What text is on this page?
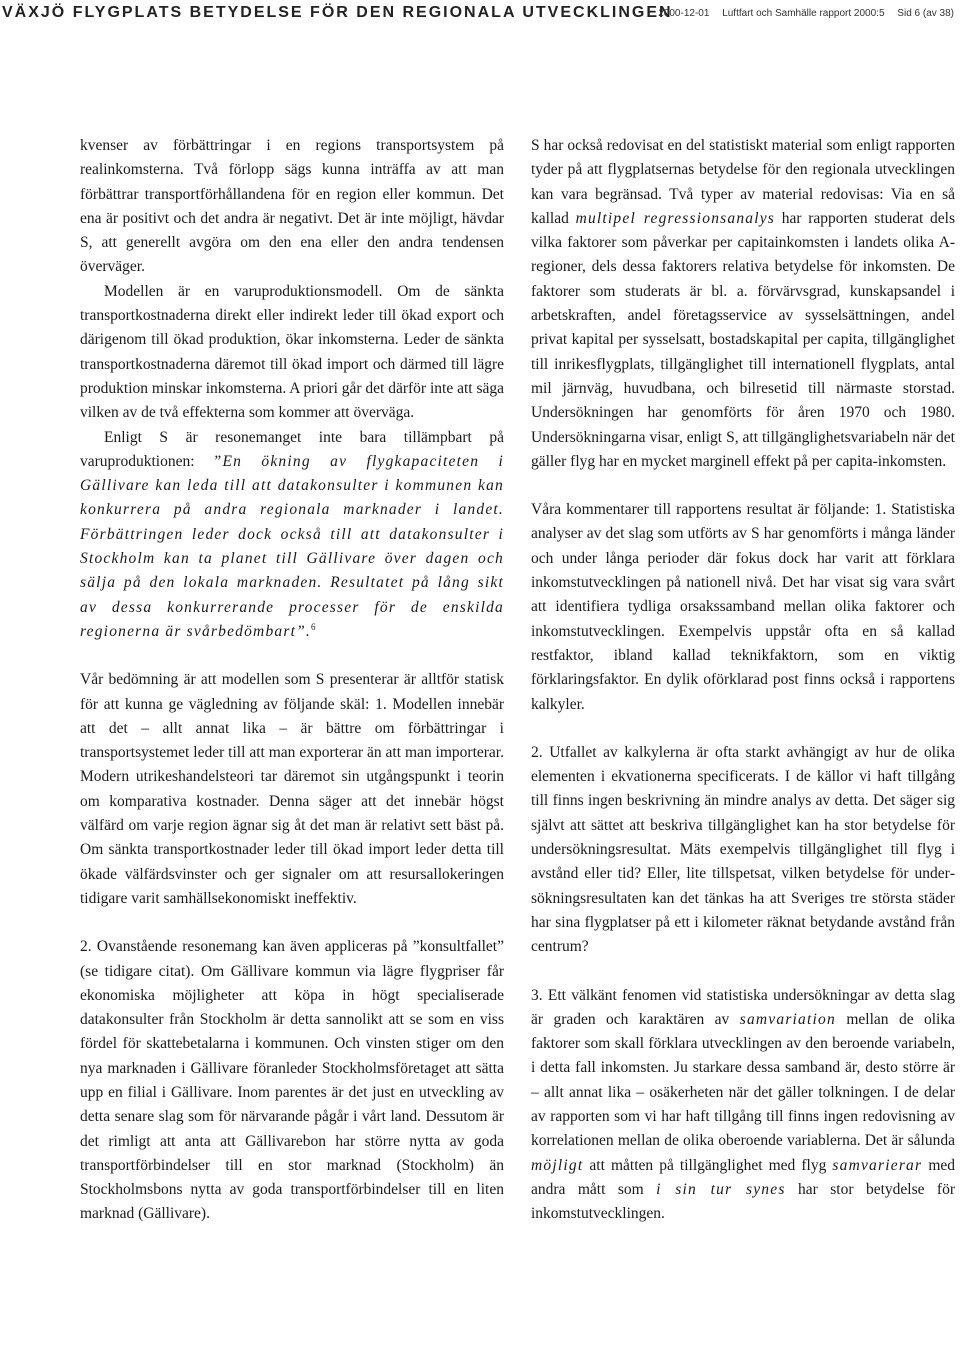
VÄXJÖ FLYGPLATS BETYDELSE FÖR DEN REGIONALA UTVECKLINGEN
2000-12-01 Luftfart och Samhälle rapport 2000:5 Sid 6 (av 38)

kvenser av förbättringar i en regions transportsystem på realinkomsterna. Två förlopp sägs kunna inträffa av att man förbättrar transportförhållandena för en region eller kommun. Det ena är positivt och det andra är negativt. Det är inte möjligt, hävdar S, att generellt avgöra om den ena eller den andra tendensen överväger.

Modellen är en varuproduktionsmodell. Om de sänkta transportkostnaderna direkt eller indirekt leder till ökad export och därigenom till ökad produktion, ökar inkomsterna. Leder de sänkta transportkostnaderna däremot till ökad import och därmed till lägre produktion minskar inkomsterna. A priori går det därför inte att säga vilken av de två effekterna som kommer att överväga.

Enligt S är resonemanget inte bara tillämpbart på varuproduktionen: ”En ökning av flygkapaciteten i Gällivare kan leda till att datakonsulter i kommunen kan konkurrera på andra regionala marknader i landet. Förbättringen leder dock också till att datakonsulter i Stockholm kan ta planet till Gällivare över dagen och sälja på den lokala marknaden. Resultatet på lång sikt av dessa konkurrerande processer för de enskilda regionerna är svårbedömbart”.$^6$

Vår bedömning är att modellen som S presenterar är alltför statisk för att kunna ge vägledning av följande skäl: 1. Modellen innebär att det – allt annat lika – är bättre om förbättringar i transportsystemet leder till att man exporterar än att man importerar. Modern utrikeshandelsteori tar däremot sin utgångspunkt i teorin om komparativa kostnader. Denna säger att det innebär högst välfärd om varje region ägnar sig åt det man är relativt sett bäst på. Om sänkta transportkostnader leder till ökad import leder detta till ökade välfärdsvinster och ger signaler om att resursallokeringen tidigare varit samhällsekonomiskt ineffektiv.

2. Ovanstående resonemang kan även appliceras på ”konsultfallet” (se tidigare citat). Om Gällivare kommun via lägre flygpriser får ekonomiska möjligheter att köpa in högt specialiserade datakonsulter från Stockholm är detta sannolikt att se som en viss fördel för skattebetalarna i kommunen. Och vinsten stiger om den nya marknaden i Gällivare föranleder Stockholmsföretaget att sätta upp en filial i Gällivare. Inom parentes är det just en utveckling av detta senare slag som för närvarande pågår i vårt land. Dessutom är det rimligt att anta att Gällivarebon har större nytta av goda transportförbindelser till en stor marknad (Stockholm) än Stockholmsbons nytta av goda transportförbindelser till en liten marknad (Gällivare).

S har också redovisat en del statistiskt material som enligt rapporten tyder på att flygplatsernas betydelse för den regionala utvecklingen kan vara begränsad. Två typer av material redovisas: Via en så kallad multipel regressionsanalys har rapporten studerat dels vilka faktorer som påverkar per capitainkomsten i landets olika A-regioner, dels dessa faktorers relativa betydelse för inkomsten. De faktorer som studerats är bl. a. förvärvsgrad, kunskapsandel i arbetskraften, andel företagsservice av sysselsättningen, andel privat kapital per sysselsatt, bostadskapital per capita, tillgänglighet till inrikesflygplats, tillgänglighet till internationell flygplats, antal mil järnväg, huvudbana, och bilresetid till närmaste storstad. Undersökningen har genomförts för åren 1970 och 1980. Undersökningarna visar, enligt S, att tillgänglighetsvariabeln när det gäller flyg har en mycket marginell effekt på per capita-inkomsten.

Våra kommentarer till rapportens resultat är följande: 1. Statistiska analyser av det slag som utförts av S har genomförts i många länder och under långa perioder där fokus dock har varit att förklara inkomstutvecklingen på nationell nivå. Det har visat sig vara svårt att identifiera tydliga orsakssamband mellan olika faktorer och inkomstutvecklingen. Exempelvis uppstår ofta en så kallad restfaktor, ibland kallad teknikfaktorn, som en viktig förklaringsfaktor. En dylik oförklarad post finns också i rapportens kalkyler.

2. Utfallet av kalkylerna är ofta starkt avhängigt av hur de olika elementen i ekvationerna specificerats. I de källor vi haft tillgång till finns ingen beskrivning än mindre analys av detta. Det säger sig självt att sättet att beskriva tillgänglighet kan ha stor betydelse för undersökningsresultat. Mäts exempelvis tillgänglighet till flyg i avstånd eller tid? Eller, lite tillspetsat, vilken betydelse för undersökningsresultaten kan det tänkas ha att Sveriges tre största städer har sina flygplatser på ett i kilometer räknat betydande avstånd från centrum?

3. Ett välkänt fenomen vid statistiska undersökningar av detta slag är graden och karaktären av samvariation mellan de olika faktorer som skall förklara utvecklingen av den beroende variabeln, i detta fall inkomsten. Ju starkare dessa samband är, desto större är – allt annat lika – osäkerheten när det gäller tolkningen. I de delar av rapporten som vi har haft tillgång till finns ingen redovisning av korrelationen mellan de olika oberoende variablerna. Det är sålunda möjligt att måtten på tillgänglighet med flyg samvarierar med andra mått som i sin tur synes har stor betydelse för inkomstutvecklingen.
